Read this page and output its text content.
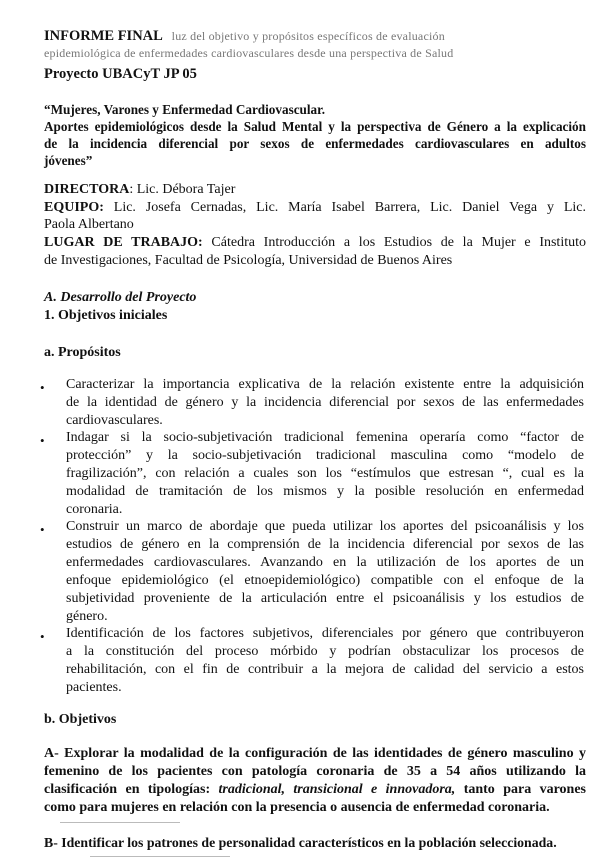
INFORME FINAL luz del objetivo y propósitos específicos de evaluación
epidemiológica de enfermedades cardiovasculares desde una perspectiva de Salud
Proyecto UBACyT JP 05
“Mujeres, Varones y Enfermedad Cardiovascular.
Aportes epidemiológicos desde la Salud Mental y la perspectiva de Género a la explicación
de la incidencia diferencial por sexos de enfermedades cardiovasculares en adultos
jóvenes”
DIRECTORA: Lic. Débora Tajer
EQUIPO: Lic. Josefa Cernadas, Lic. María Isabel Barrera, Lic. Daniel Vega y Lic.
Paola Albertano
LUGAR DE TRABAJO: Cátedra Introducción a los Estudios de la Mujer e Instituto
de Investigaciones, Facultad de Psicología, Universidad de Buenos Aires
A. Desarrollo del Proyecto
1. Objetivos iniciales
a. Propósitos
• Caracterizar la importancia explicativa de la relación existente entre la adquisición
de la identidad de género y la incidencia diferencial por sexos de las enfermedades
cardiovasculares.
• Indagar si la socio-subjetivación tradicional femenina operaría como “factor de
protección” y la socio-subjetivación tradicional masculina como “modelo de
fragilización”, con relación a cuales son los “estímulos que estresan “, cual es la
modalidad de tramitación de los mismos y la posible resolución en enfermedad
coronaria.
• Construir un marco de abordaje que pueda utilizar los aportes del psicoanálisis y los
estudios de género en la comprensión de la incidencia diferencial por sexos de las
enfermedades cardiovasculares. Avanzando en la utilización de los aportes de un
enfoque epidemiológico (el etnoepidemiológico) compatible con el enfoque de la
subjetividad proveniente de la articulación entre el psicoanálisis y los estudios de
género.
• Identificación de los factores subjetivos, diferenciales por género que contribuyeron
a la constitución del proceso mórbido y podrían obstaculizar los procesos de
rehabilitación, con el fin de contribuir a la mejora de calidad del servicio a estos
pacientes.
b. Objetivos
A- Explorar la modalidad de la configuración de las identidades de género masculino y
femenino de los pacientes con patología coronaria de 35 a 54 años utilizando la
clasificación en tipologías: tradicional, transicional e innovadora, tanto para varones
como para mujeres en relación con la presencia o ausencia de enfermedad coronaria.
B- Identificar los patrones de personalidad característicos en la población seleccionada.
